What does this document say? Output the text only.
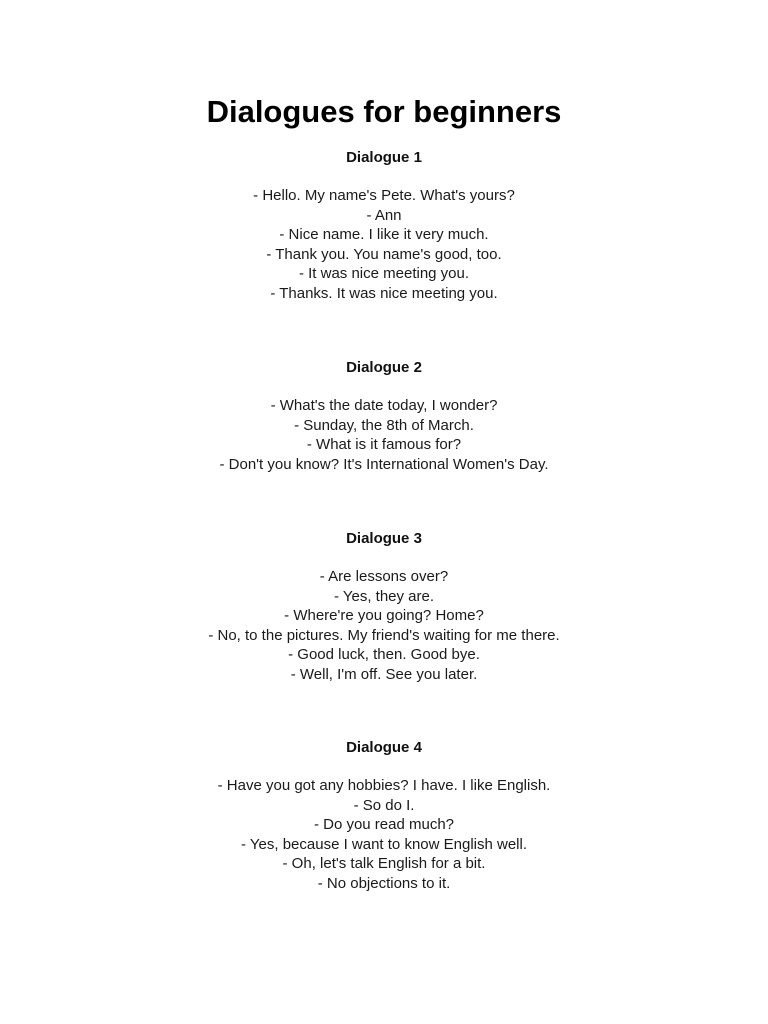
Dialogues for beginners
Dialogue 1
- Hello. My name's Pete. What's yours?
- Ann
- Nice name. I like it very much.
- Thank you. You name's good, too.
- It was nice meeting you.
- Thanks. It was nice meeting you.
Dialogue 2
- What's the date today, I wonder?
- Sunday, the 8th of March.
- What is it famous for?
- Don't you know? It's International Women's Day.
Dialogue 3
- Are lessons over?
- Yes, they are.
- Where're you going? Home?
- No, to the pictures. My friend's waiting for me there.
- Good luck, then. Good bye.
- Well, I'm off. See you later.
Dialogue 4
- Have you got any hobbies? I have. I like English.
- So do I.
- Do you read much?
- Yes, because I want to know English well.
- Oh, let's talk English for a bit.
- No objections to it.
